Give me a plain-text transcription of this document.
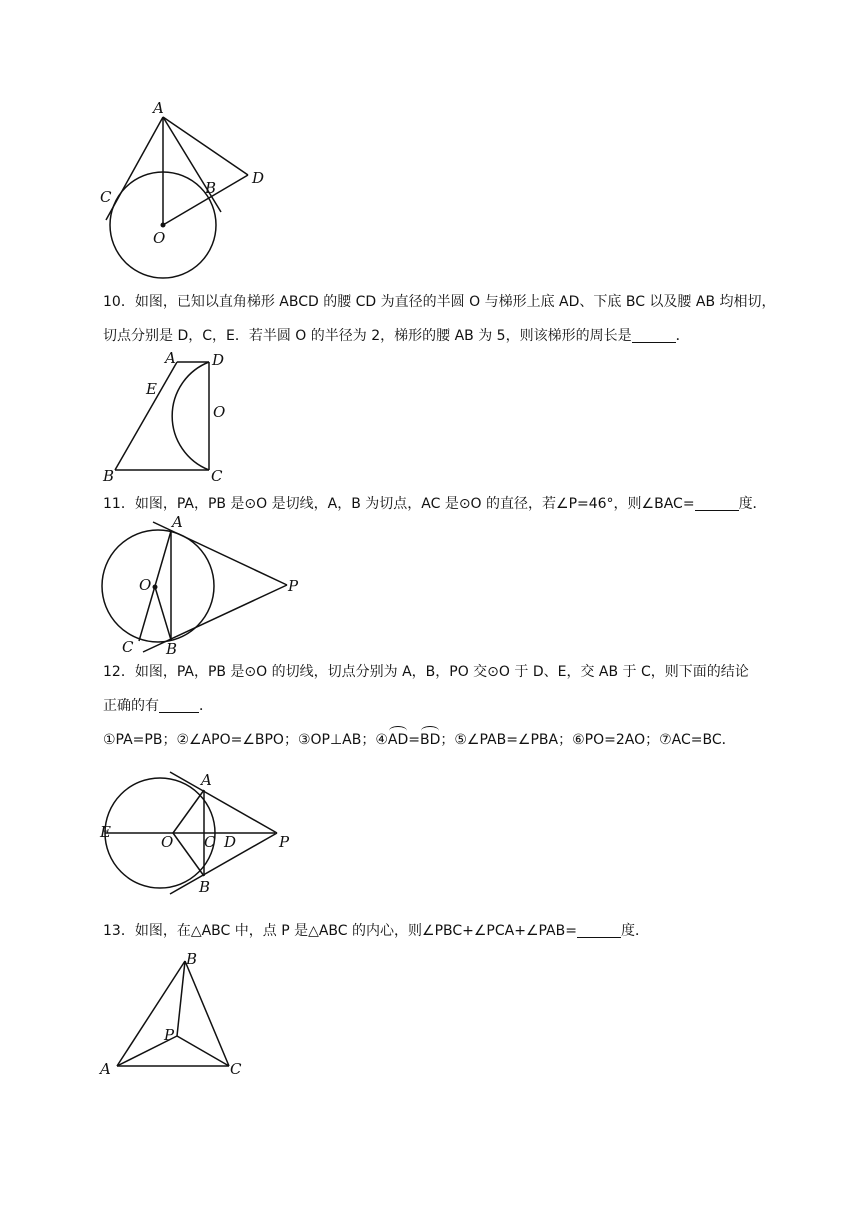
A
B
C
D
O
10．如图，已知以直角梯形 ABCD 的腰 CD 为直径的半圆 O 与梯形上底 AD、下底 BC 以及腰 AB 均相切，
切点分别是 D，C，E．若半圆 O 的半径为 2，梯形的腰 AB 为 5，则该梯形的周长是	．
A D
E
O
B	C
11．如图，PA，PB 是⊙O 是切线，A，B 为切点，AC 是⊙O 的直径，若∠P=46°，则∠BAC=	度．
A
O	P
C B
12．如图，PA，PB 是⊙O 的切线，切点分别为 A，B，PO 交⊙O 于 D、E，交 AB 于 C，则下面的结论
正确的有	．
①PA=PB；②∠APO=∠BPO；③OP⊥AB；④AD=BD；⑤∠PAB=∠PBA；⑥PO=2AO；⑦AC=BC．
A
E
O C D	P
B
13．如图，在△ABC 中，点 P 是△ABC 的内心，则∠PBC+∠PCA+∠PAB=	度．
B
P
A	C
